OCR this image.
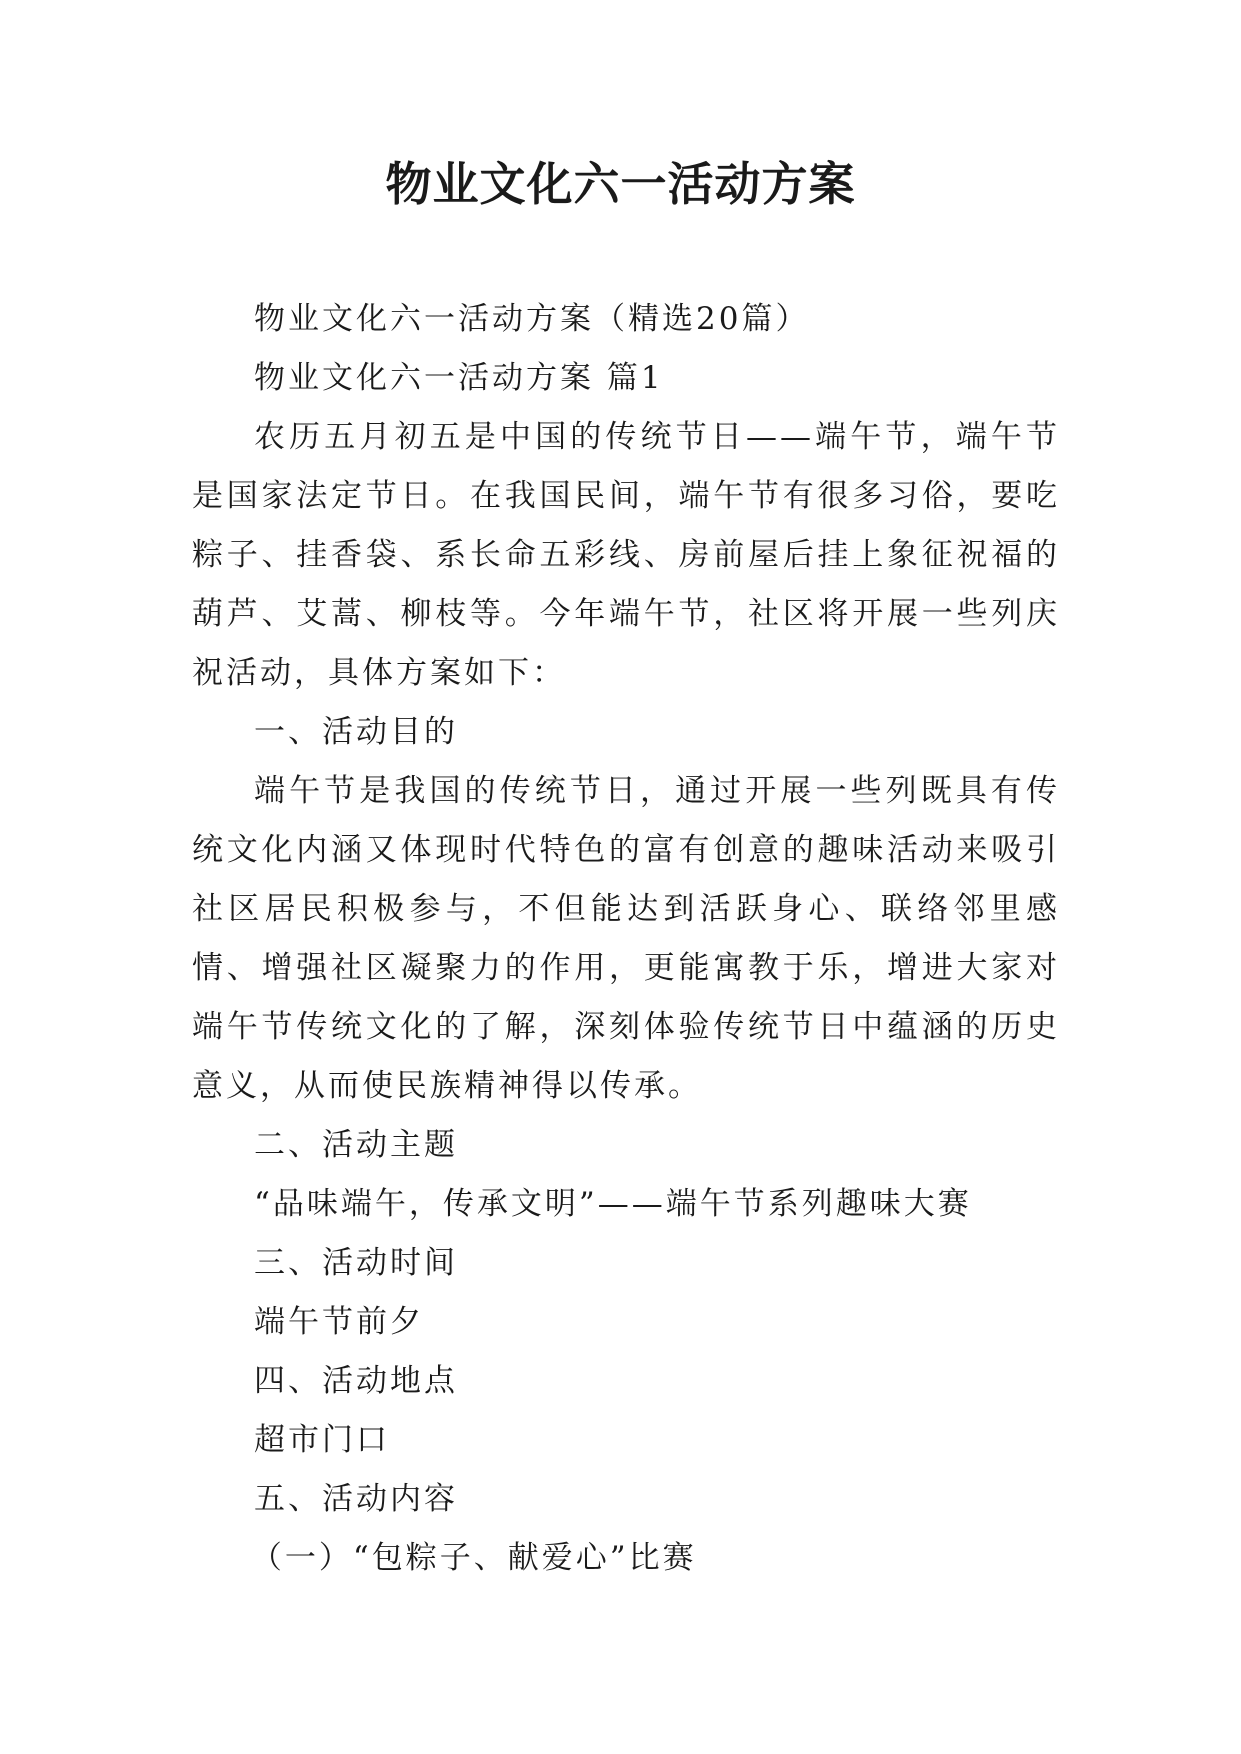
物业文化六一活动方案

物业文化六一活动方案（精选20篇）

物业文化六一活动方案 篇1

农历五月初五是中国的传统节日——端午节，端午节是国家法定节日。在我国民间，端午节有很多习俗，要吃粽子、挂香袋、系长命五彩线、房前屋后挂上象征祝福的葫芦、艾蒿、柳枝等。今年端午节，社区将开展一些列庆祝活动，具体方案如下：

一、活动目的

端午节是我国的传统节日，通过开展一些列既具有传统文化内涵又体现时代特色的富有创意的趣味活动来吸引社区居民积极参与，不但能达到活跃身心、联络邻里感情、增强社区凝聚力的作用，更能寓教于乐，增进大家对端午节传统文化的了解，深刻体验传统节日中蕴涵的历史意义，从而使民族精神得以传承。

二、活动主题

“品味端午，传承文明”——端午节系列趣味大赛

三、活动时间

端午节前夕

四、活动地点

超市门口

五、活动内容

（一）“包粽子、献爱心”比赛
